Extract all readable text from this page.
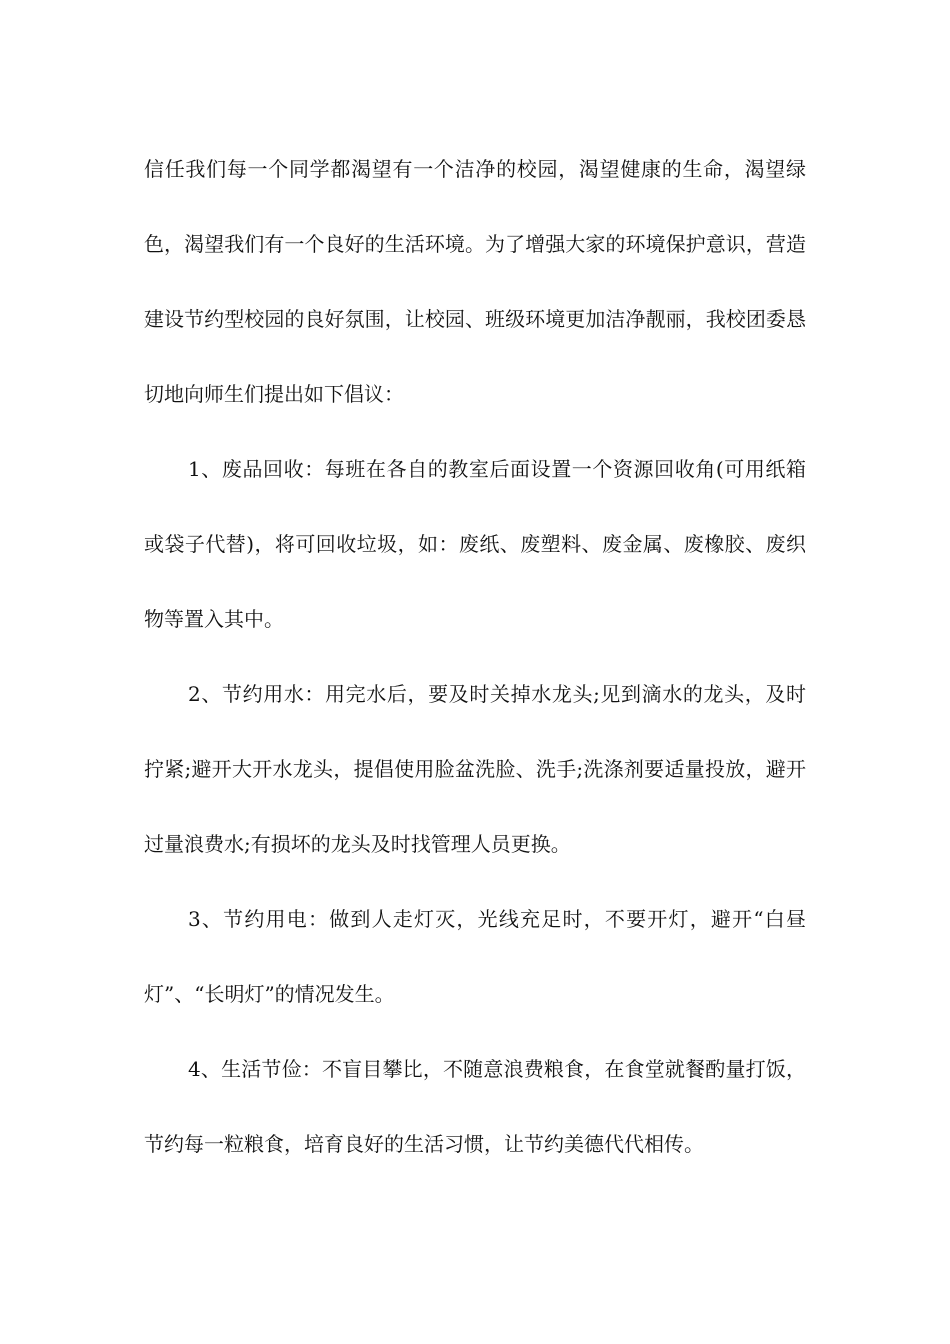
信任我们每一个同学都渴望有一个洁净的校园，渴望健康的生命，渴望绿色，渴望我们有一个良好的生活环境。为了增强大家的环境保护意识，营造建设节约型校园的良好氛围，让校园、班级环境更加洁净靓丽，我校团委恳切地向师生们提出如下倡议：

1、废品回收：每班在各自的教室后面设置一个资源回收角(可用纸箱或袋子代替)，将可回收垃圾，如：废纸、废塑料、废金属、废橡胶、废织物等置入其中。

2、节约用水：用完水后，要及时关掉水龙头;见到滴水的龙头，及时拧紧;避开大开水龙头，提倡使用脸盆洗脸、洗手;洗涤剂要适量投放，避开过量浪费水;有损坏的龙头及时找管理人员更换。

3、节约用电：做到人走灯灭，光线充足时，不要开灯，避开“白昼灯”、“长明灯”的情况发生。

4、生活节俭：不盲目攀比，不随意浪费粮食，在食堂就餐酌量打饭，节约每一粒粮食，培育良好的生活习惯，让节约美德代代相传。
